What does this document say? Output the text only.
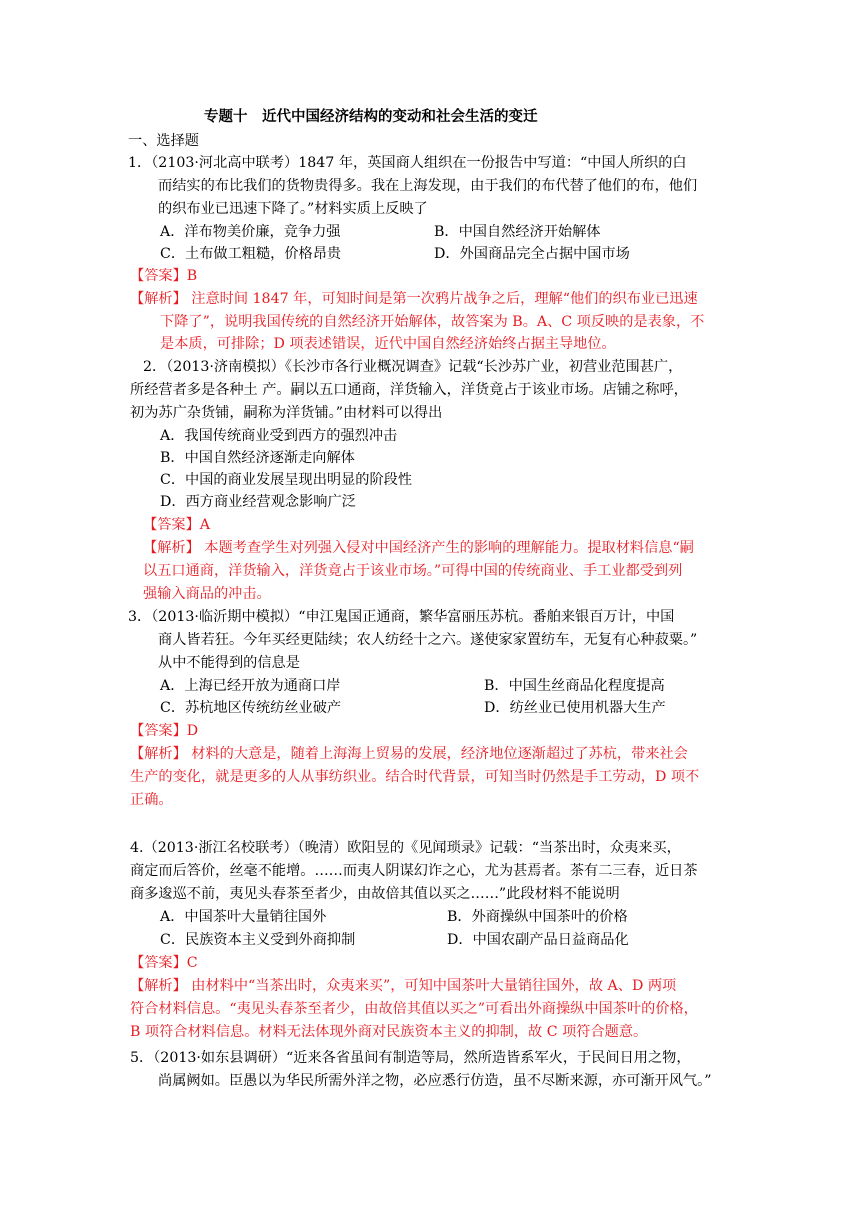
专题十　近代中国经济结构的变动和社会生活的变迁
一、选择题
1．（2103·河北高中联考）1847 年，英国商人组织在一份报告中写道：“中国人所织的白
而结实的布比我们的货物贵得多。我在上海发现，由于我们的布代替了他们的布，他们
的织布业已迅速下降了。”材料实质上反映了
A．洋布物美价廉，竞争力强	B．中国自然经济开始解体
C．土布做工粗糙，价格昂贵	D．外国商品完全占据中国市场
【答案】B
【解析】 注意时间 1847 年，可知时间是第一次鸦片战争之后，理解“他们的织布业已迅速
下降了”，说明我国传统的自然经济开始解体，故答案为 B。A、C 项反映的是表象，不
是本质，可排除；D 项表述错误，近代中国自然经济始终占据主导地位。
2．（2013·济南模拟）《长沙市各行业概况调查》记载“长沙苏广业，初营业范围甚广，
所经营者多是各种土 产。嗣以五口通商，洋货输入，洋货竟占于该业市场。店铺之称呼，
初为苏广杂货铺，嗣称为洋货铺。”由材料可以得出
A．我国传统商业受到西方的强烈冲击
B．中国自然经济逐渐走向解体
C．中国的商业发展呈现出明显的阶段性
D．西方商业经营观念影响广泛
【答案】A
【解析】 本题考查学生对列强入侵对中国经济产生的影响的理解能力。提取材料信息“嗣
以五口通商，洋货输入，洋货竟占于该业市场。”可得中国的传统商业、手工业都受到列
强输入商品的冲击。
3．（2013·临沂期中模拟）“申江鬼国正通商，繁华富丽压苏杭。番舶来银百万计，中国
商人皆若狂。今年买经更陆续；农人纺经十之六。遂使家家置纺车，无复有心种菽粟。”
从中不能得到的信息是
A．上海已经开放为通商口岸	B．中国生丝商品化程度提高
C．苏杭地区传统纺丝业破产	D．纺丝业已使用机器大生产
【答案】D
【解析】 材料的大意是，随着上海海上贸易的发展，经济地位逐渐超过了苏杭，带来社会
生产的变化，就是更多的人从事纺织业。结合时代背景，可知当时仍然是手工劳动，D 项不
正确。
4.（2013·浙江名校联考）（晚清）欧阳昱的《见闻琐录》记载：“当茶出时，众夷来买，
商定而后答价，丝毫不能增。……而夷人阴谋幻诈之心，尤为甚焉者。茶有二三春，近日茶
商多逡巡不前，夷见头春茶至者少，由故倍其值以买之……”此段材料不能说明
A．中国茶叶大量销往国外	B．外商操纵中国茶叶的价格
C．民族资本主义受到外商抑制	D．中国农副产品日益商品化
【答案】C
【解析】 由材料中“当茶出时，众夷来买”，可知中国茶叶大量销往国外，故 A、D 两项
符合材料信息。“夷见头春茶至者少，由故倍其值以买之”可看出外商操纵中国茶叶的价格，
B 项符合材料信息。材料无法体现外商对民族资本主义的抑制，故 C 项符合题意。
5．（2013·如东县调研）“近来各省虽间有制造等局，然所造皆系军火，于民间日用之物，
尚属阙如。臣愚以为华民所需外洋之物，必应悉行仿造，虽不尽断来源，亦可渐开风气。”
